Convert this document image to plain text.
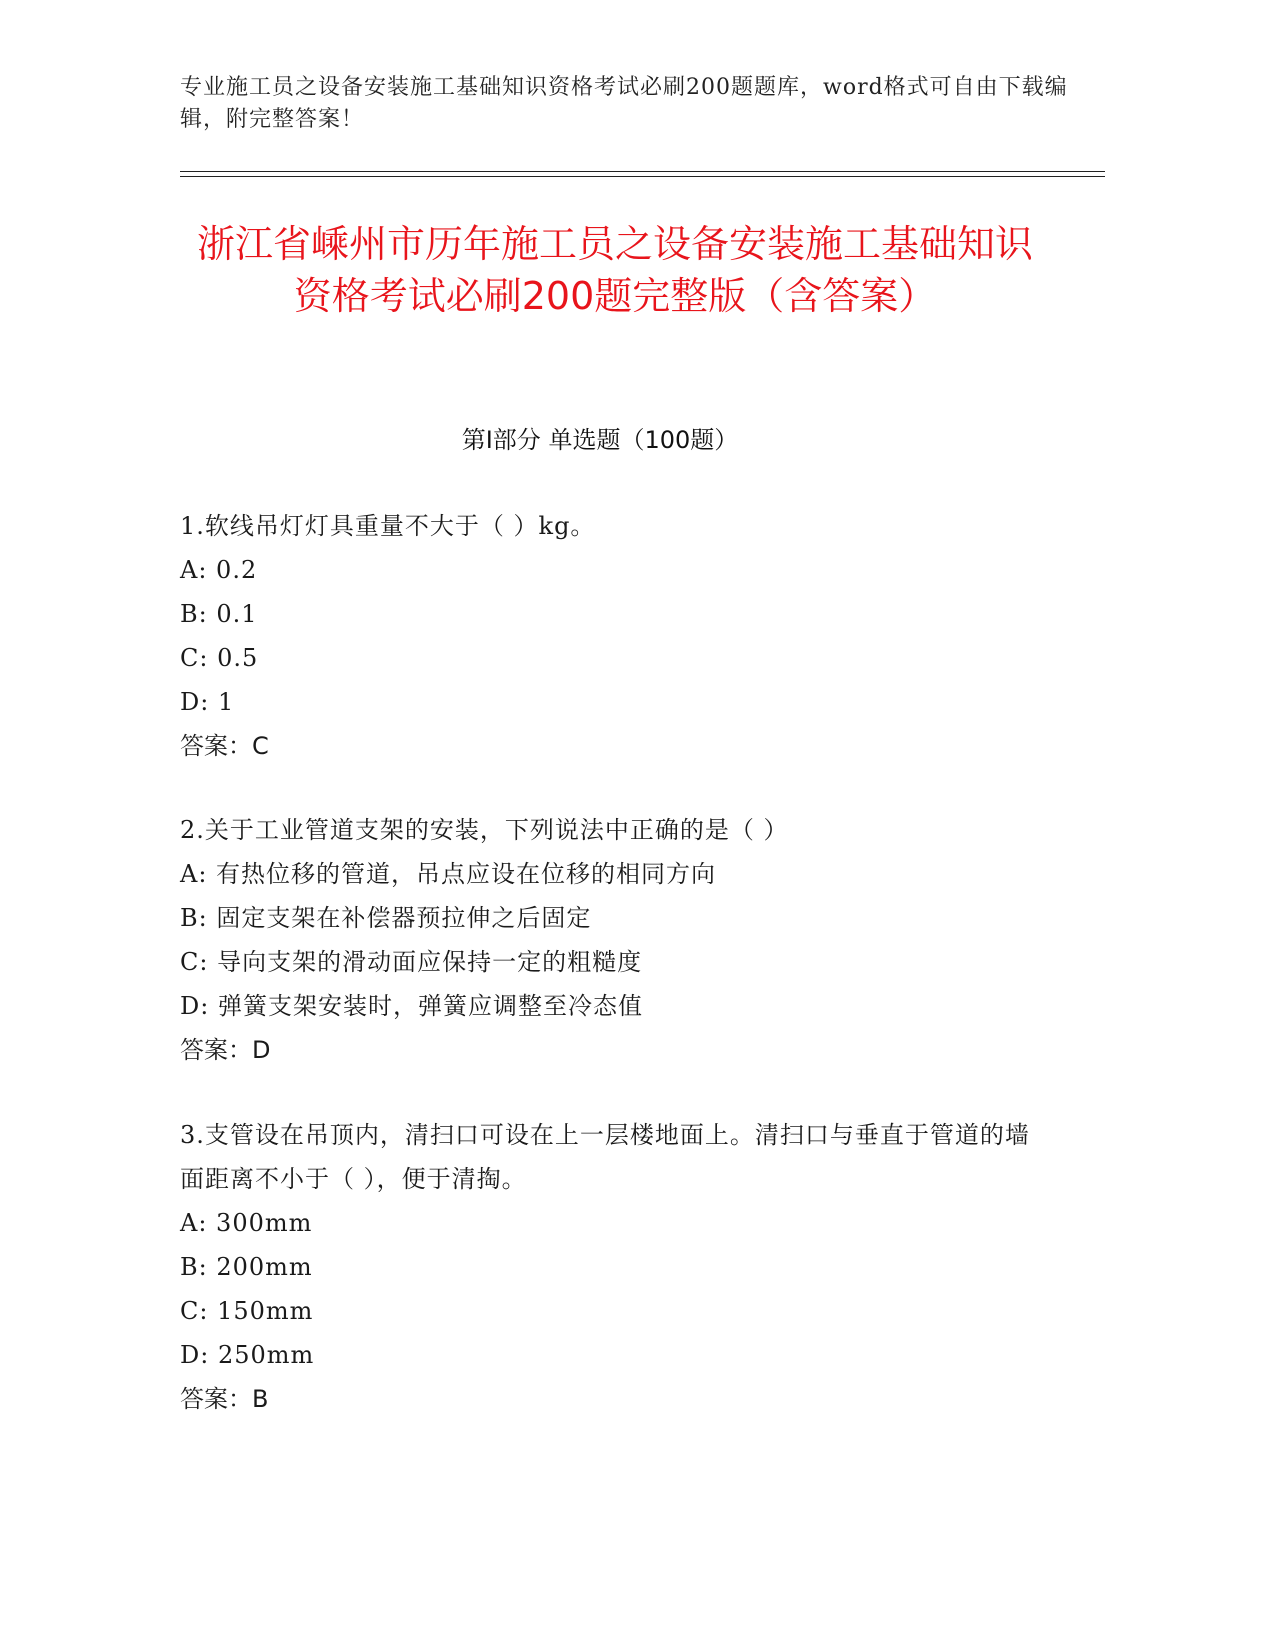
专业施工员之设备安装施工基础知识资格考试必刷200题题库，word格式可自由下载编辑，附完整答案！
浙江省嵊州市历年施工员之设备安装施工基础知识资格考试必刷200题完整版（含答案）
第I部分 单选题（100题）
1.软线吊灯灯具重量不大于（ ）kg。
A: 0.2
B: 0.1
C: 0.5
D: 1
答案：C
2.关于工业管道支架的安装，下列说法中正确的是（ ）
A: 有热位移的管道，吊点应设在位移的相同方向
B: 固定支架在补偿器预拉伸之后固定
C: 导向支架的滑动面应保持一定的粗糙度
D: 弹簧支架安装时，弹簧应调整至冷态值
答案：D
3.支管设在吊顶内，清扫口可设在上一层楼地面上。清扫口与垂直于管道的墙面距离不小于（ ），便于清掏。
A: 300mm
B: 200mm
C: 150mm
D: 250mm
答案：B
